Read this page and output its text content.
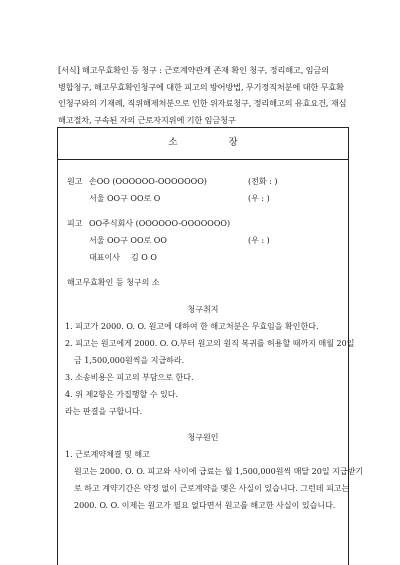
[서식] 해고무효확인 등 청구 : 근로계약관계 존재 확인 청구, 정리해고, 임금의
병합청구, 해고무효확인청구에 대한 피고의 방어방법, 무기정직처분에 대한 무효확
인청구와의 기재례, 직위해제처분으로 인한 위자료청구, 정리해고의 유효요건, 재심
해고절차, 구속된 자의 근로자지위에 기한 임금청구
소 장
원고 손OO (OOOOOO-OOOOOOO)	(전화 : )
서울 OO구 OO로 O	(우 : )
피고 OO주식회사 (OOOOOO-OOOOOOO)
서울 OO구 OO로 OO	(우 : )
대표이사 김 O O
해고무효확인 등 청구의 소
청구취지
1. 피고가 2000. O. O. 원고에 대하여 한 해고처분은 무효임을 확인한다.
2. 피고는 원고에게 2000. O. O.부터 원고의 원직 복귀를 허용할 때까지 매월 20일
금 1,500,000원씩을 지급하라.
3. 소송비용은 피고의 부담으로 한다.
4. 위 제2항은 가집행할 수 있다.
라는 판결을 구합니다.
청구원인
1. 근로계약체결 및 해고
원고는 2000. O. O. 피고와 사이에 급료는 월 1,500,000원씩 매달 20일 지급받기
로 하고 계약기간은 약정 없이 근로계약을 맺은 사실이 있습니다. 그런데 피고는
2000. O. O. 이제는 원고가 필요 없다면서 원고를 해고한 사실이 있습니다.
